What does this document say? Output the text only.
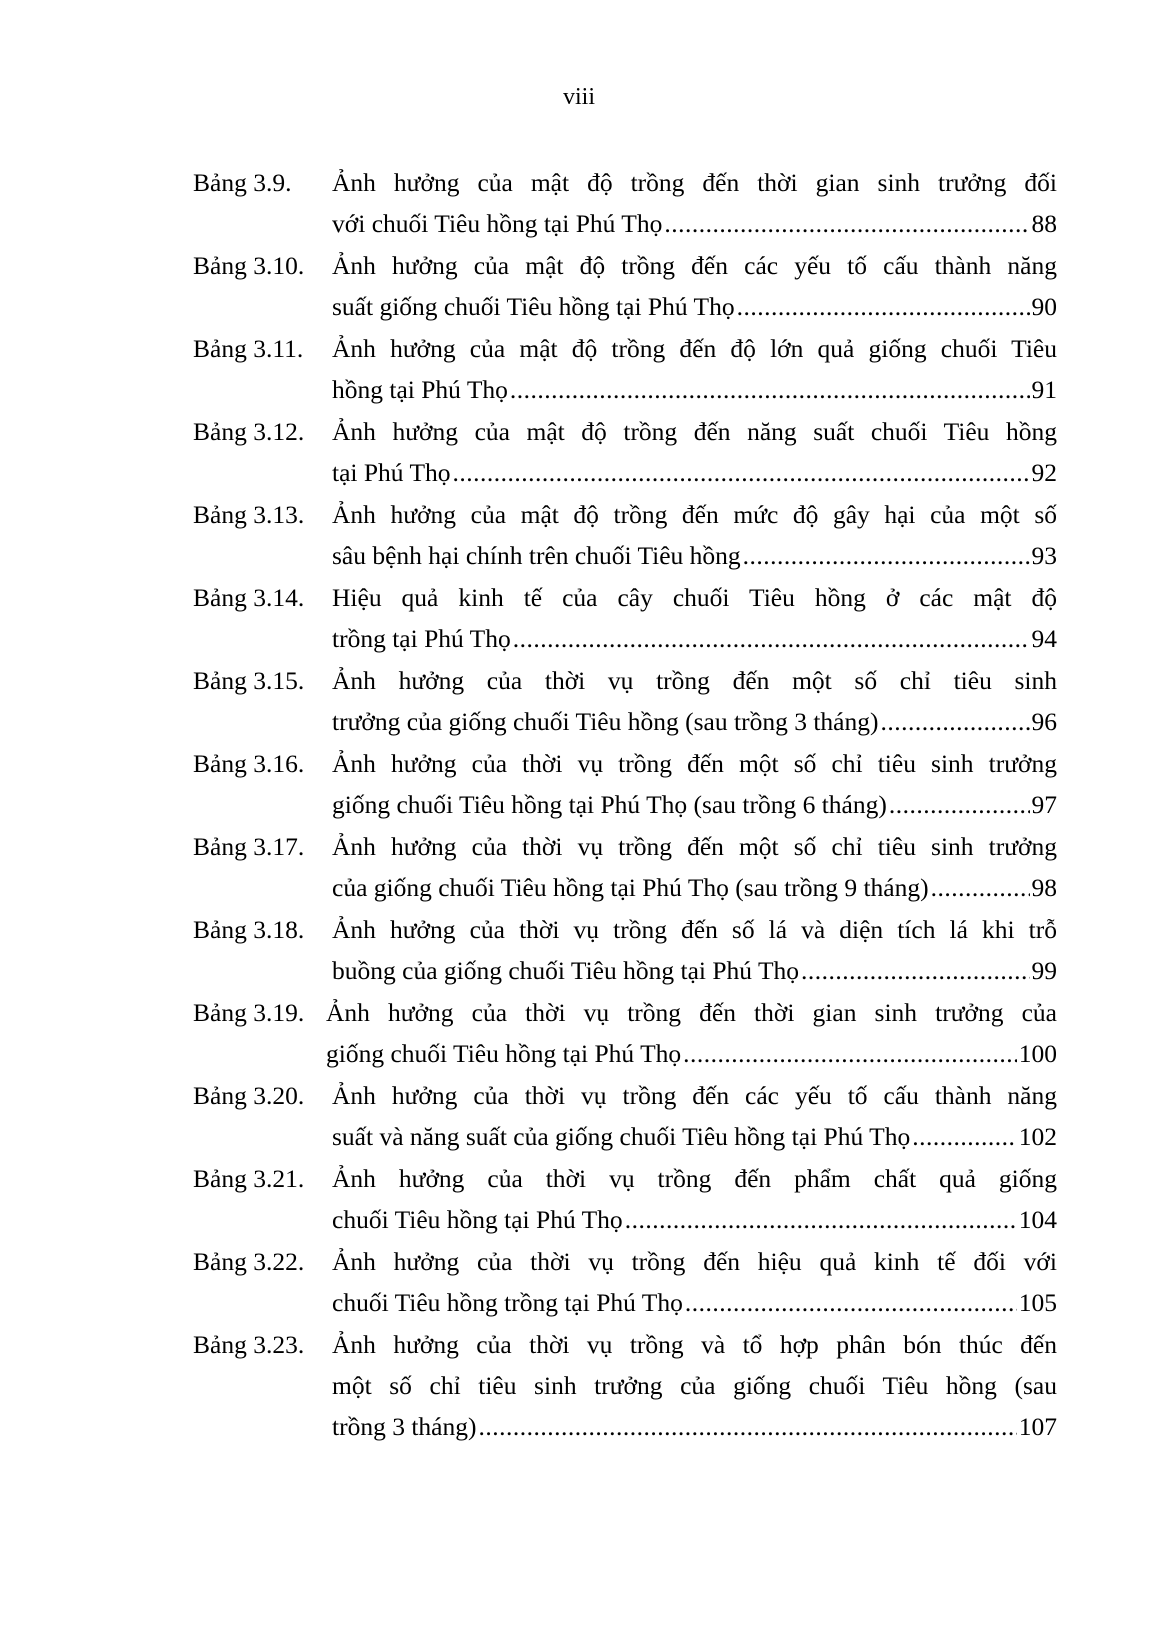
viii
Bảng 3.9.	Ảnh hưởng của mật độ trồng đến thời gian sinh trưởng đối
với chuối Tiêu hồng tại Phú Thọ .....	88
Bảng 3.10.	Ảnh hưởng của mật độ trồng đến các yếu tố cấu thành năng
suất giống chuối Tiêu hồng tại Phú Thọ .....	90
Bảng 3.11.	Ảnh hưởng của mật độ trồng đến độ lớn quả giống chuối Tiêu
hồng tại Phú Thọ .....	91
Bảng 3.12.	Ảnh hưởng của mật độ trồng đến năng suất chuối Tiêu hồng
tại Phú Thọ .....	92
Bảng 3.13.	Ảnh hưởng của mật độ trồng đến mức độ gây hại của một số
sâu bệnh hại chính trên chuối Tiêu hồng .....	93
Bảng 3.14.	Hiệu quả kinh tế của cây chuối Tiêu hồng ở các mật độ
trồng tại Phú Thọ .....	94
Bảng 3.15.	Ảnh hưởng của thời vụ trồng đến một số chỉ tiêu sinh
trưởng của giống chuối Tiêu hồng (sau trồng 3 tháng) .....	96
Bảng 3.16.	Ảnh hưởng của thời vụ trồng đến một số chỉ tiêu sinh trưởng
giống chuối Tiêu hồng tại Phú Thọ (sau trồng 6 tháng) .....	97
Bảng 3.17.	Ảnh hưởng của thời vụ trồng đến một số chỉ tiêu sinh trưởng
của giống chuối Tiêu hồng tại Phú Thọ (sau trồng 9 tháng) .....	98
Bảng 3.18.	Ảnh hưởng của thời vụ trồng đến số lá và diện tích lá khi trỗ
buồng của giống chuối Tiêu hồng tại Phú Thọ .....	99
Bảng 3.19. Ảnh hưởng của thời vụ trồng đến thời gian sinh trưởng của
giống chuối Tiêu hồng tại Phú Thọ .....	100
Bảng 3.20.	Ảnh hưởng của thời vụ trồng đến các yếu tố cấu thành năng
suất và năng suất của giống chuối Tiêu hồng tại Phú Thọ .....	102
Bảng 3.21.	Ảnh hưởng của thời vụ trồng đến phẩm chất quả giống
chuối Tiêu hồng tại Phú Thọ .....	104
Bảng 3.22.	Ảnh hưởng của thời vụ trồng đến hiệu quả kinh tế đối với
chuối Tiêu hồng trồng tại Phú Thọ .....	105
Bảng 3.23.	Ảnh hưởng của thời vụ trồng và tổ hợp phân bón thúc đến
một số chỉ tiêu sinh trưởng của giống chuối Tiêu hồng (sau
trồng 3 tháng) .....	107
